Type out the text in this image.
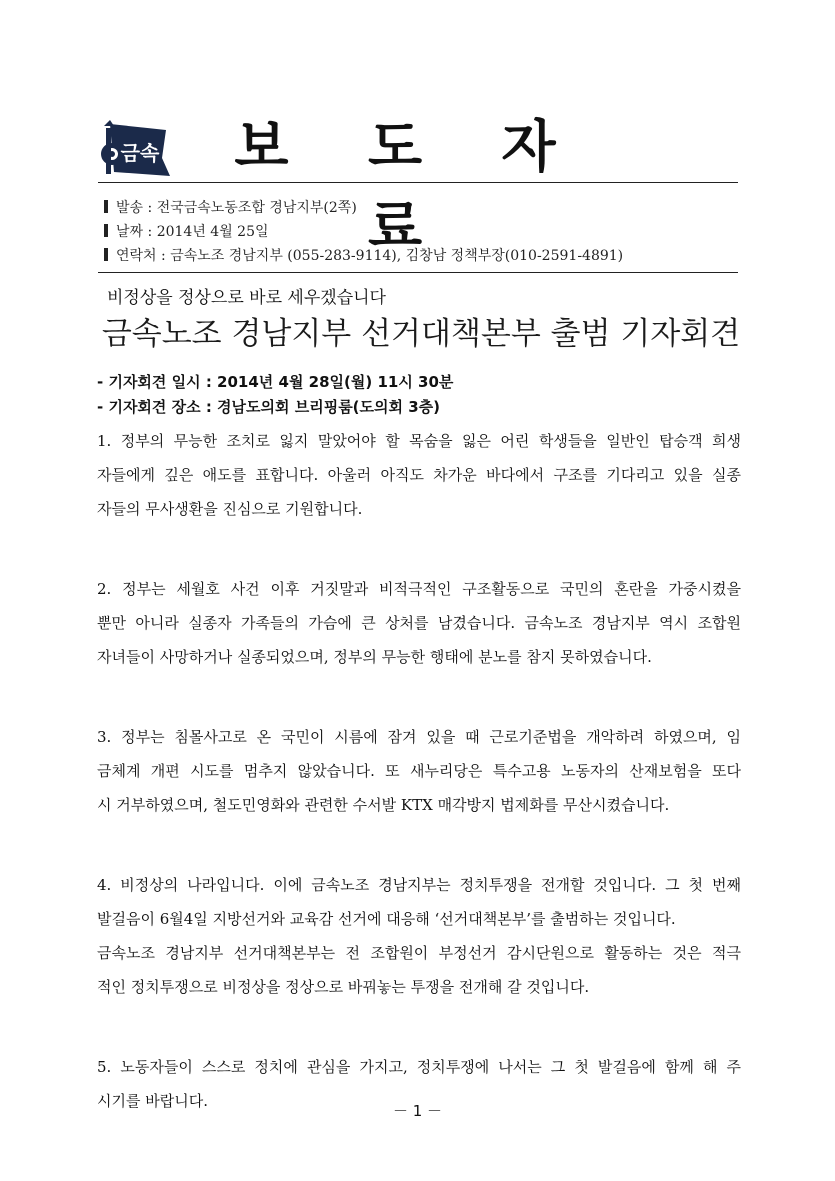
금속	보 도 자 료
발송 : 전국금속노동조합 경남지부(2쪽)
날짜 : 2014년 4월 25일
연락처 : 금속노조 경남지부 (055-283-9114), 김창남 정책부장(010-2591-4891)
비정상을 정상으로 바로 세우겠습니다
금속노조 경남지부 선거대책본부 출범 기자회견
- 기자회견 일시 : 2014년 4월 28일(월) 11시 30분
- 기자회견 장소 : 경남도의회 브리핑룸(도의회 3층)

1. 정부의 무능한 조치로 잃지 말았어야 할 목숨을 잃은 어린 학생들을 일반인 탑승객 희생
자들에게 깊은 애도를 표합니다. 아울러 아직도 차가운 바다에서 구조를 기다리고 있을 실종
자들의 무사생환을 진심으로 기원합니다.

2. 정부는 세월호 사건 이후 거짓말과 비적극적인 구조활동으로 국민의 혼란을 가중시켰을
뿐만 아니라 실종자 가족들의 가슴에 큰 상처를 남겼습니다. 금속노조 경남지부 역시 조합원
자녀들이 사망하거나 실종되었으며, 정부의 무능한 행태에 분노를 참지 못하였습니다.

3. 정부는 침몰사고로 온 국민이 시름에 잠겨 있을 때 근로기준법을 개악하려 하였으며, 임
금체계 개편 시도를 멈추지 않았습니다. 또 새누리당은 특수고용 노동자의 산재보험을 또다
시 거부하였으며, 철도민영화와 관련한 수서발 KTX 매각방지 법제화를 무산시켰습니다.

4. 비정상의 나라입니다. 이에 금속노조 경남지부는 정치투쟁을 전개할 것입니다. 그 첫 번째
발걸음이 6월4일 지방선거와 교육감 선거에 대응해 ‘선거대책본부’를 출범하는 것입니다.
금속노조 경남지부 선거대책본부는 전 조합원이 부정선거 감시단원으로 활동하는 것은 적극
적인 정치투쟁으로 비정상을 정상으로 바꿔놓는 투쟁을 전개해 갈 것입니다.

5. 노동자들이 스스로 정치에 관심을 가지고, 정치투쟁에 나서는 그 첫 발걸음에 함께 해 주
시기를 바랍니다.

－ 1 －
